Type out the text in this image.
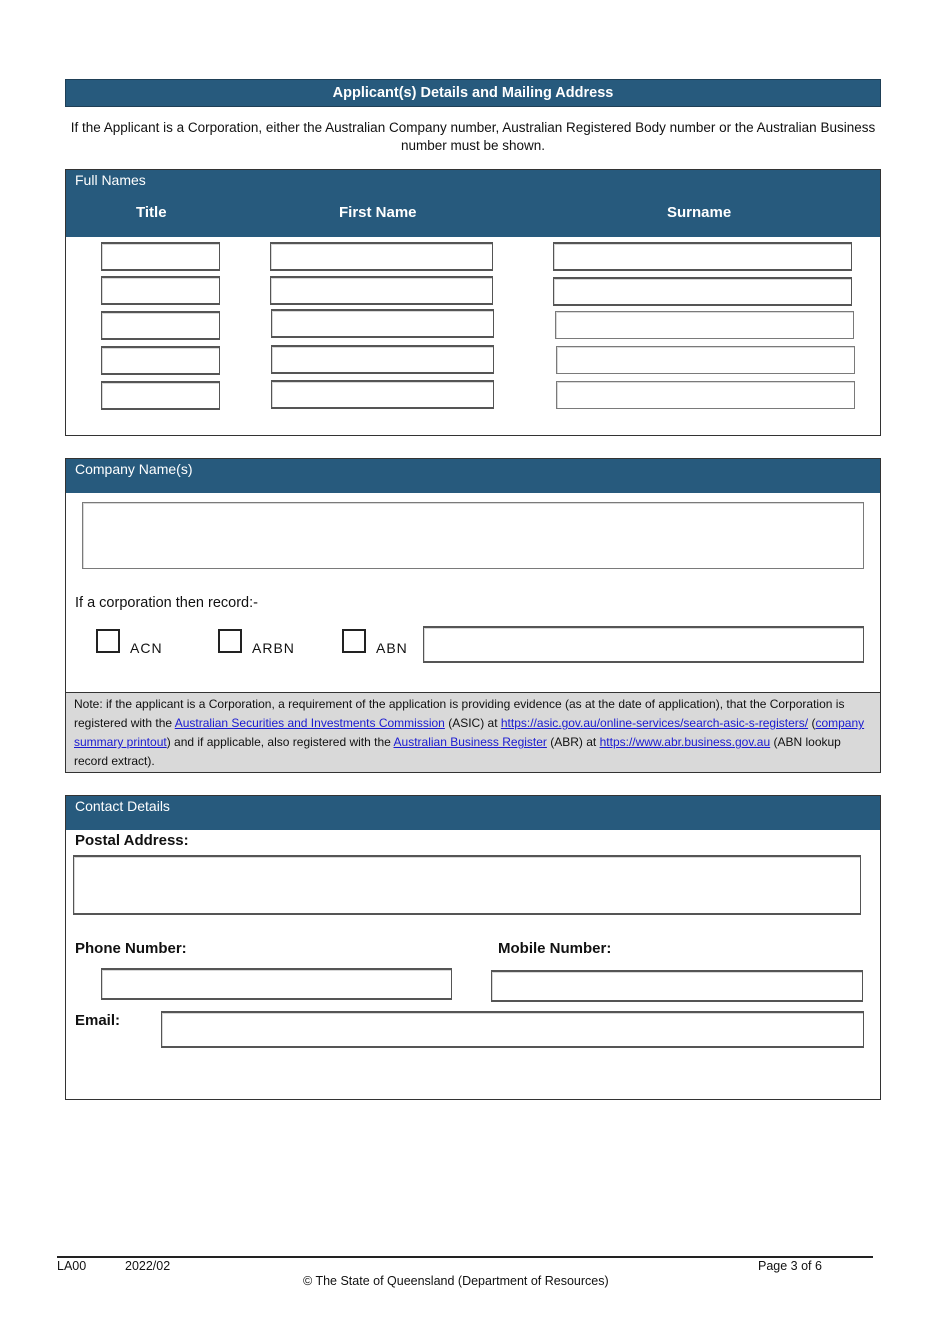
Applicant(s) Details and Mailing Address
If the Applicant is a Corporation, either the Australian Company number, Australian Registered Body number or the Australian Business number must be shown.
Full Names
Title	First Name	Surname
Company Name(s)
If a corporation then record:-
ACN	ARBN	ABN
Note: if the applicant is a Corporation, a requirement of the application is providing evidence (as at the date of application), that the Corporation is registered with the Australian Securities and Investments Commission (ASIC) at https://asic.gov.au/online-services/search-asic-s-registers/ (company summary printout) and if applicable, also registered with the Australian Business Register (ABR) at https://www.abr.business.gov.au (ABN lookup record extract).
Contact Details
Postal Address:
Phone Number:	Mobile Number:
Email:
LA00	2022/02	Page 3 of 6
© The State of Queensland (Department of Resources)
